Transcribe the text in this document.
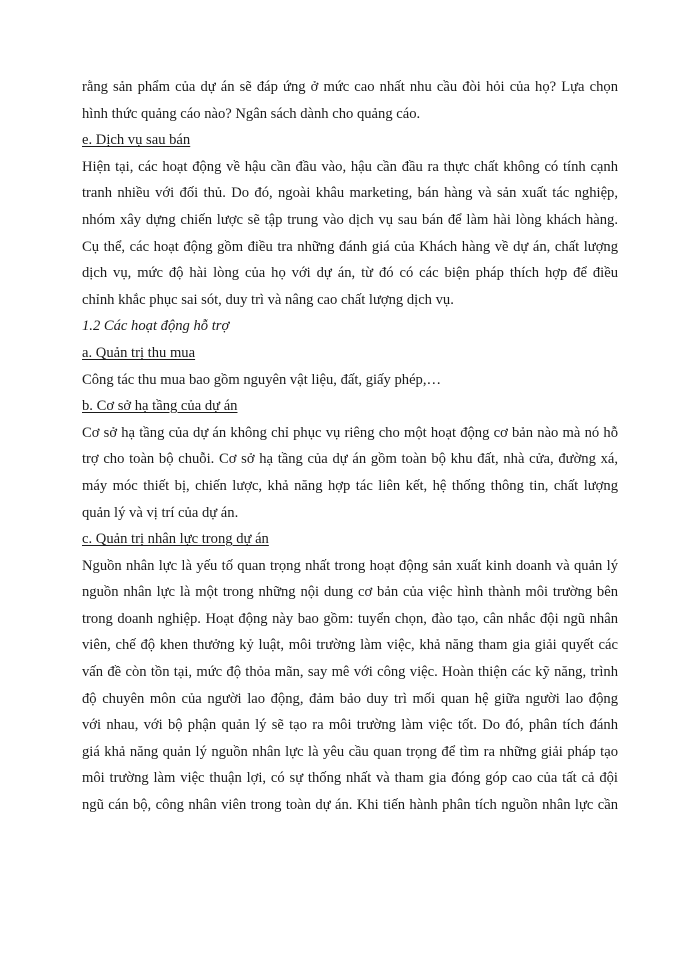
rằng sản phẩm của dự án sẽ đáp ứng ở mức cao nhất nhu cầu đòi hỏi của họ? Lựa chọn

hình thức quảng cáo nào? Ngân sách dành cho quảng cáo.

e. Dịch vụ sau bán

Hiện tại, các hoạt động về hậu cần đầu vào, hậu cần đầu ra thực chất không có tính cạnh

tranh nhiều với đối thủ. Do đó, ngoài khâu marketing, bán hàng và sản xuất tác nghiệp,

nhóm xây dựng chiến lược sẽ tập trung vào dịch vụ sau bán để làm hài lòng khách hàng.

Cụ thể, các hoạt động gồm điều tra những đánh giá của Khách hàng về dự án, chất lượng

dịch vụ, mức độ hài lòng của họ với dự án, từ đó có các biện pháp thích hợp để điều

chỉnh khắc phục sai sót, duy trì và nâng cao chất lượng dịch vụ.

1.2 Các hoạt động hỗ trợ

a. Quản trị thu mua

Công tác thu mua bao gồm nguyên vật liệu, đất, giấy phép,…

b. Cơ sở hạ tầng của dự án

Cơ sở hạ tầng của dự án không chỉ phục vụ riêng cho một hoạt động cơ bản nào mà nó hỗ

trợ cho toàn bộ chuỗi. Cơ sở hạ tầng của dự án gồm toàn bộ khu đất, nhà cửa, đường xá,

máy móc thiết bị, chiến lược, khả năng hợp tác liên kết, hệ thống thông tin, chất lượng

quản lý và vị trí của dự án.

c. Quản trị nhân lực trong dự án

Nguồn nhân lực là yếu tố quan trọng nhất trong hoạt động sản xuất kinh doanh và quản lý

nguồn nhân lực là một trong những nội dung cơ bản của việc hình thành môi trường bên

trong doanh nghiệp. Hoạt động này bao gồm: tuyển chọn, đào tạo, cân nhắc đội ngũ nhân

viên, chế độ khen thưởng kỷ luật, môi trường làm việc, khả năng tham gia giải quyết các

vấn đề còn tồn tại, mức độ thỏa mãn, say mê với công việc. Hoàn thiện các kỹ năng, trình

độ chuyên môn của người lao động, đảm bảo duy trì mối quan hệ giữa người lao động

với nhau, với bộ phận quản lý sẽ tạo ra môi trường làm việc tốt. Do đó, phân tích đánh

giá khả năng quản lý nguồn nhân lực là yêu cầu quan trọng để tìm ra những giải pháp tạo

môi trường làm việc thuận lợi, có sự thống nhất và tham gia đóng góp cao của tất cả đội

ngũ cán bộ, công nhân viên trong toàn dự án. Khi tiến hành phân tích nguồn nhân lực cần
